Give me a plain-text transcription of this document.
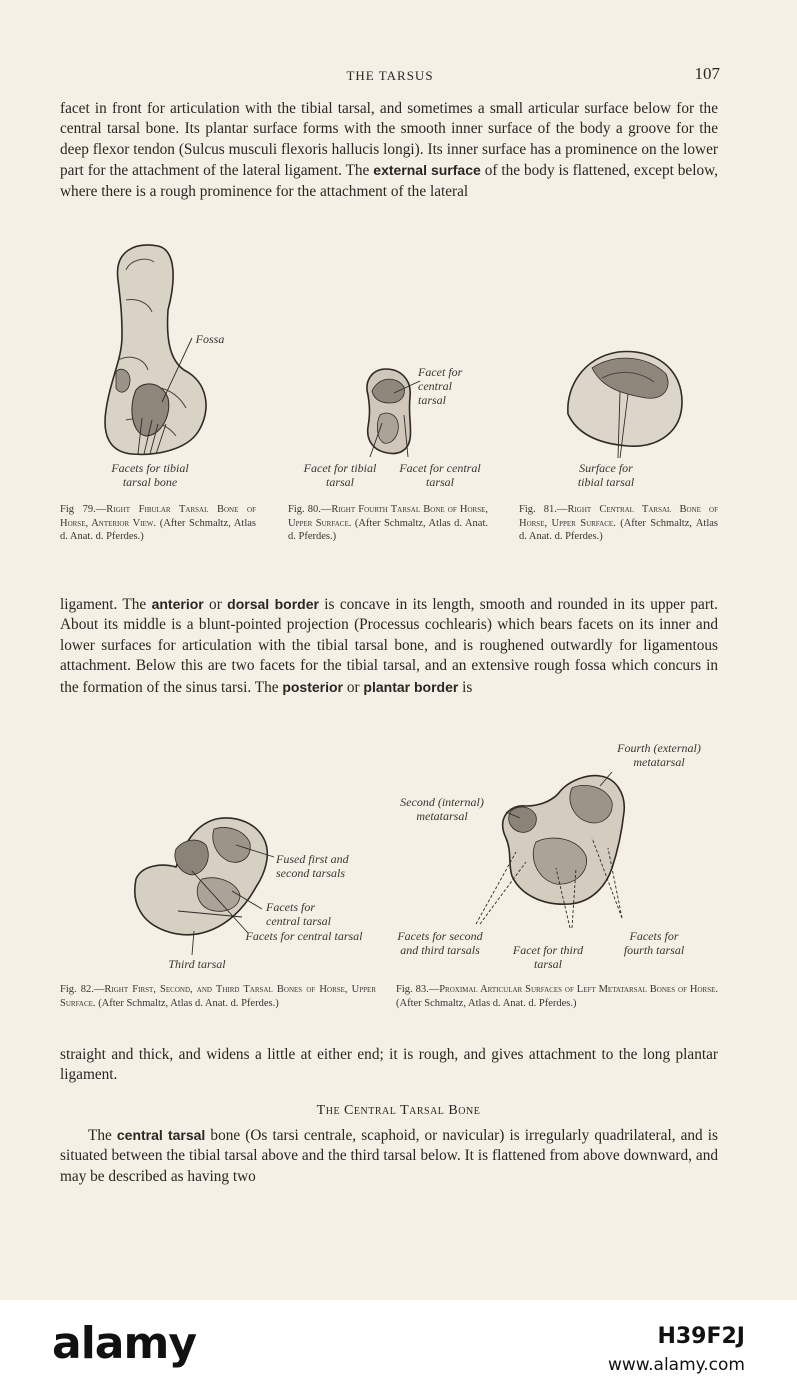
THE TARSUS	107

facet in front for articulation with the tibial tarsal, and sometimes a small articular surface below for the central tarsal bone. Its plantar surface forms with the smooth inner surface of the body a groove for the deep flexor tendon (Sulcus musculi flexoris hallucis longi). Its inner surface has a prominence on the lower part for the attachment of the lateral ligament. The external surface of the body is flattened, except below, where there is a rough prominence for the attachment of the lateral

Fossa
Facets for tibial tarsal bone

Fig 79.—Right Fibular Tarsal Bone of Horse, Anterior View. (After Schmaltz, Atlas d. Anat. d. Pferdes.)

Facet for central tarsal
Facet for tibial tarsal
Facet for central tarsal

Fig. 80.—Right Fourth Tarsal Bone of Horse, Upper Surface. (After Schmaltz, Atlas d. Anat. d. Pferdes.)

Surface for tibial tarsal

Fig. 81.—Right Central Tarsal Bone of Horse, Upper Surface. (After Schmaltz, Atlas d. Anat. d. Pferdes.)

ligament. The anterior or dorsal border is concave in its length, smooth and rounded in its upper part. About its middle is a blunt-pointed projection (Processus cochlearis) which bears facets on its inner and lower surfaces for articulation with the tibial tarsal bone, and is roughened outwardly for ligamentous attachment. Below this are two facets for the tibial tarsal, and an extensive rough fossa which concurs in the formation of the sinus tarsi. The posterior or plantar border is

Fused first and second tarsals
Facets for central tarsal
Facets for central tarsal
Third tarsal

Fig. 82.—Right First, Second, and Third Tarsal Bones of Horse, Upper Surface. (After Schmaltz, Atlas d. Anat. d. Pferdes.)

Fourth (external) metatarsal
Second (internal) metatarsal
Facets for second and third tarsals	Facet for third tarsal
Facets for fourth tarsal

Fig. 83.—Proximal Articular Surfaces of Left Metatarsal Bones of Horse. (After Schmaltz, Atlas d. Anat. d. Pferdes.)

straight and thick, and widens a little at either end; it is rough, and gives attachment to the long plantar ligament.

The Central Tarsal Bone

The central tarsal bone (Os tarsi centrale, scaphoid, or navicular) is irregularly quadrilateral, and is situated between the tibial tarsal above and the third tarsal below. It is flattened from above downward, and may be described as having two

alamy	H39F2J
www.alamy.com
